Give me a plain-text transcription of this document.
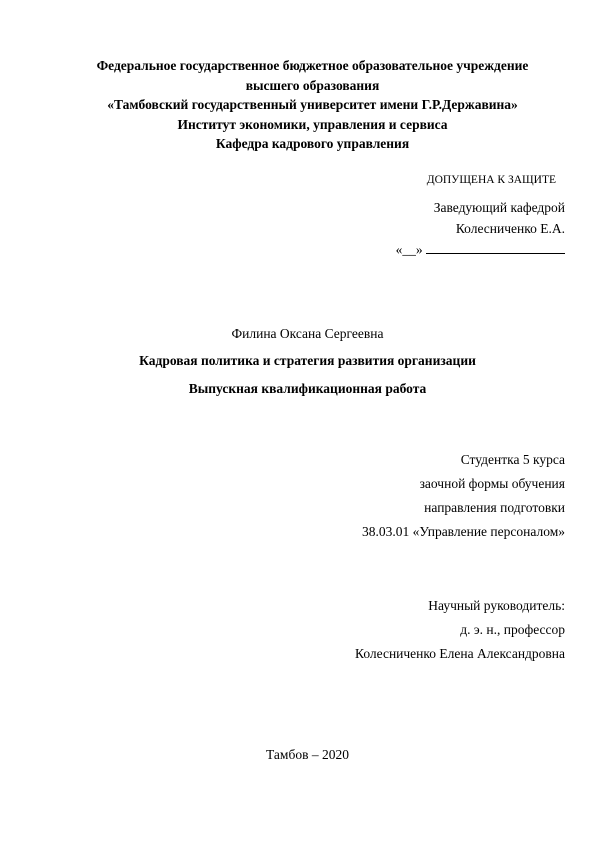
Федеральное государственное бюджетное образовательное учреждение
высшего образования
«Тамбовский государственный университет имени Г.Р.Державина»
Институт экономики, управления и сервиса
Кафедра кадрового управления
ДОПУЩЕНА К ЗАЩИТЕ
Заведующий кафедрой
Колесниченко Е.А.
«__»
Филина Оксана Сергеевна
Кадровая политика и стратегия развития организации
Выпускная квалификационная работа
Студентка 5 курса
заочной формы обучения
направления подготовки
38.03.01 «Управление персоналом»
Научный руководитель:
д. э. н., профессор
Колесниченко Елена Александровна
Тамбов – 2020
